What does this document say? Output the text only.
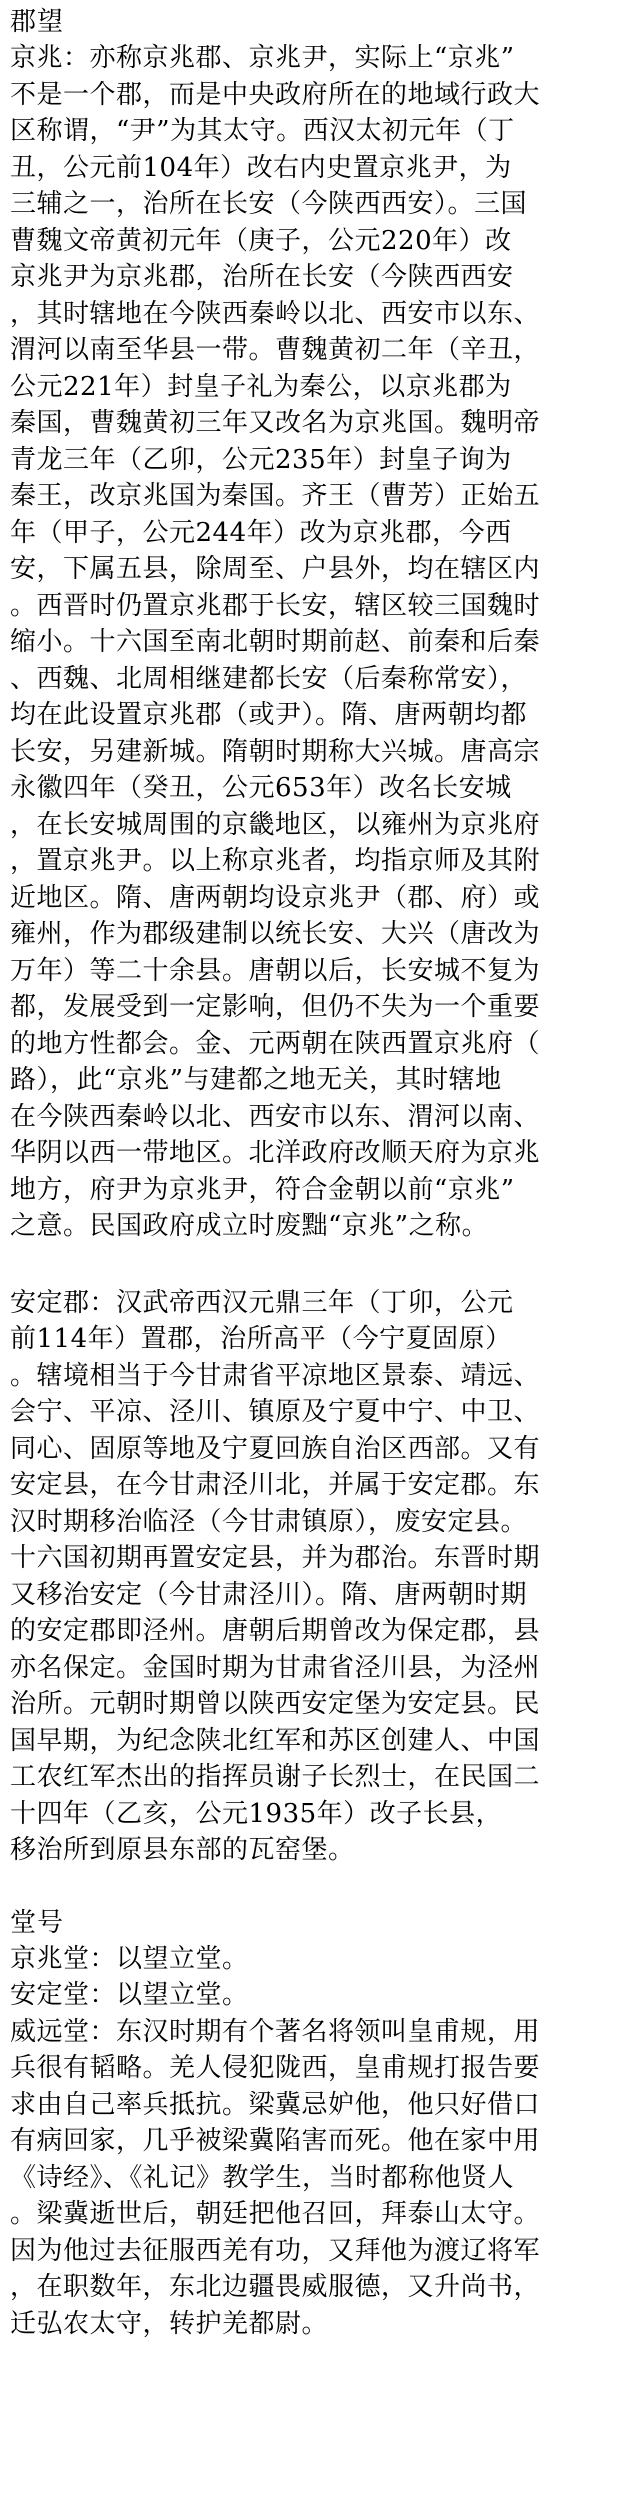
郡望
京兆：亦称京兆郡、京兆尹，实际上“京兆”
不是一个郡，而是中央政府所在的地域行政大
区称谓，“尹”为其太守。西汉太初元年（丁
丑，公元前104年）改右内史置京兆尹，为
三辅之一，治所在长安（今陕西西安）。三国
曹魏文帝黄初元年（庚子，公元220年）改
京兆尹为京兆郡，治所在长安（今陕西西安
，其时辖地在今陕西秦岭以北、西安市以东、
渭河以南至华县一带。曹魏黄初二年（辛丑，
公元221年）封皇子礼为秦公，以京兆郡为
秦国，曹魏黄初三年又改名为京兆国。魏明帝
青龙三年（乙卯，公元235年）封皇子询为
秦王，改京兆国为秦国。齐王（曹芳）正始五
年（甲子，公元244年）改为京兆郡，今西
安，下属五县，除周至、户县外，均在辖区内
。西晋时仍置京兆郡于长安，辖区较三国魏时
缩小。十六国至南北朝时期前赵、前秦和后秦
、西魏、北周相继建都长安（后秦称常安），
均在此设置京兆郡（或尹）。隋、唐两朝均都
长安，另建新城。隋朝时期称大兴城。唐高宗
永徽四年（癸丑，公元653年）改名长安城
，在长安城周围的京畿地区，以雍州为京兆府
，置京兆尹。以上称京兆者，均指京师及其附
近地区。隋、唐两朝均设京兆尹（郡、府）或
雍州，作为郡级建制以统长安、大兴（唐改为
万年）等二十余县。唐朝以后，长安城不复为
都，发展受到一定影响，但仍不失为一个重要
的地方性都会。金、元两朝在陕西置京兆府（
路），此“京兆”与建都之地无关，其时辖地
在今陕西秦岭以北、西安市以东、渭河以南、
华阴以西一带地区。北洋政府改顺天府为京兆
地方，府尹为京兆尹，符合金朝以前“京兆”
之意。民国政府成立时废黜“京兆”之称。
安定郡：汉武帝西汉元鼎三年（丁卯，公元
前114年）置郡，治所高平（今宁夏固原）
。辖境相当于今甘肃省平凉地区景泰、靖远、
会宁、平凉、泾川、镇原及宁夏中宁、中卫、
同心、固原等地及宁夏回族自治区西部。又有
安定县，在今甘肃泾川北，并属于安定郡。东
汉时期移治临泾（今甘肃镇原），废安定县。
十六国初期再置安定县，并为郡治。东晋时期
又移治安定（今甘肃泾川）。隋、唐两朝时期
的安定郡即泾州。唐朝后期曾改为保定郡，县
亦名保定。金国时期为甘肃省泾川县，为泾州
治所。元朝时期曾以陕西安定堡为安定县。民
国早期，为纪念陕北红军和苏区创建人、中国
工农红军杰出的指挥员谢子长烈士，在民国二
十四年（乙亥，公元1935年）改子长县，
移治所到原县东部的瓦窑堡。
堂号
京兆堂：以望立堂。
安定堂：以望立堂。
威远堂：东汉时期有个著名将领叫皇甫规，用
兵很有韬略。羌人侵犯陇西，皇甫规打报告要
求由自己率兵抵抗。梁冀忌妒他，他只好借口
有病回家，几乎被梁冀陷害而死。他在家中用
《诗经》、《礼记》教学生，当时都称他贤人
。梁冀逝世后，朝廷把他召回，拜泰山太守。
因为他过去征服西羌有功，又拜他为渡辽将军
，在职数年，东北边疆畏威服德，又升尚书，
迁弘农太守，转护羌都尉。
